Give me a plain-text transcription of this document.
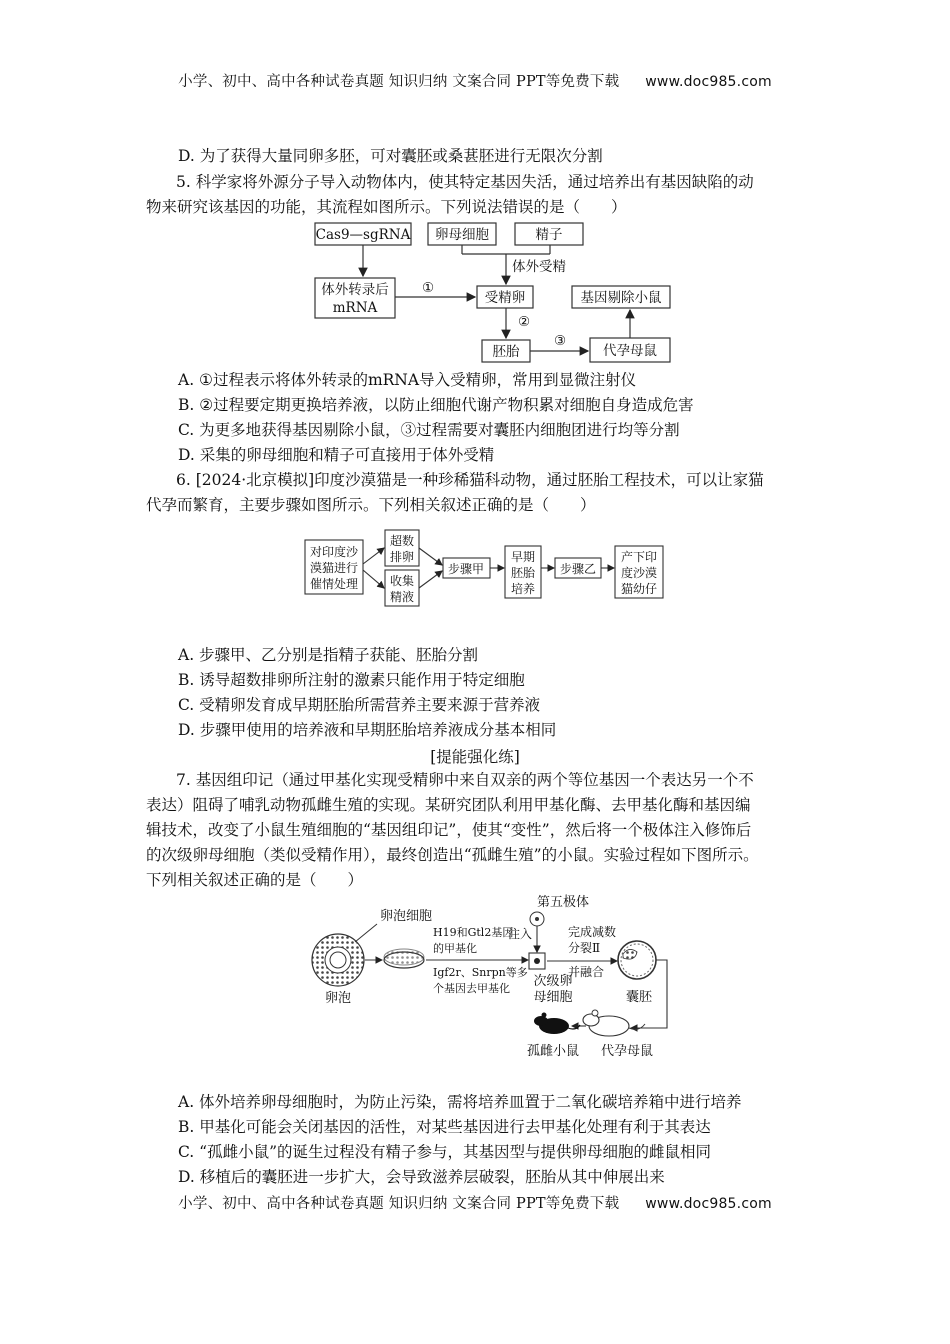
小学、初中、高中各种试卷真题 知识归纳 文案合同 PPT等免费下载 www.doc985.com
D. 为了获得大量同卵多胚，可对囊胚或桑葚胚进行无限次分割
5. 科学家将外源分子导入动物体内，使其特定基因失活，通过培养出有基因缺陷的动
物来研究该基因的功能，其流程如图所示。下列说法错误的是（　　）
Cas9—sgRNA 卵母细胞	精子
体外受精
体外转录后
mRNA
①
受精卵
②
基因剔除小鼠
胚胎
③
代孕母鼠
A. ①过程表示将体外转录的mRNA导入受精卵，常用到显微注射仪
B. ②过程要定期更换培养液，以防止细胞代谢产物积累对细胞自身造成危害
C. 为更多地获得基因剔除小鼠，③过程需要对囊胚内细胞团进行均等分割
D. 采集的卵母细胞和精子可直接用于体外受精
6. [2024·北京模拟]印度沙漠猫是一种珍稀猫科动物，通过胚胎工程技术，可以让家猫
代孕而繁育，主要步骤如图所示。下列相关叙述正确的是（　　）
对印度沙
漠猫进行
催情处理
超数
排卵
收集
精液
步骤甲
早期
胚胎
培养
步骤乙
产下印
度沙漠
猫幼仔
A. 步骤甲、乙分别是指精子获能、胚胎分割
B. 诱导超数排卵所注射的激素只能作用于特定细胞
C. 受精卵发育成早期胚胎所需营养主要来源于营养液
D. 步骤甲使用的培养液和早期胚胎培养液成分基本相同
[提能强化练]
7. 基因组印记（通过甲基化实现受精卵中来自双亲的两个等位基因一个表达另一个不
表达）阻碍了哺乳动物孤雌生殖的实现。某研究团队利用甲基化酶、去甲基化酶和基因编
辑技术，改变了小鼠生殖细胞的“基因组印记”，使其“变性”，然后将一个极体注入修饰后
的次级卵母细胞（类似受精作用），最终创造出“孤雌生殖”的小鼠。实验过程如下图所示。
下列相关叙述正确的是（　　）
第五极体
卵泡
卵泡细胞
H19和Gtl2基因
的甲基化
Igf2r、Snrpn等多
个基因去甲基化
注入
次级卵
母细胞
完成减数
分裂Ⅱ
并融合
囊胚
代孕母鼠
孤雌小鼠
A. 体外培养卵母细胞时，为防止污染，需将培养皿置于二氧化碳培养箱中进行培养
B. 甲基化可能会关闭基因的活性，对某些基因进行去甲基化处理有利于其表达
C. “孤雌小鼠”的诞生过程没有精子参与，其基因型与提供卵母细胞的雌鼠相同
D. 移植后的囊胚进一步扩大，会导致滋养层破裂，胚胎从其中伸展出来
小学、初中、高中各种试卷真题 知识归纳 文案合同 PPT等免费下载 www.doc985.com
